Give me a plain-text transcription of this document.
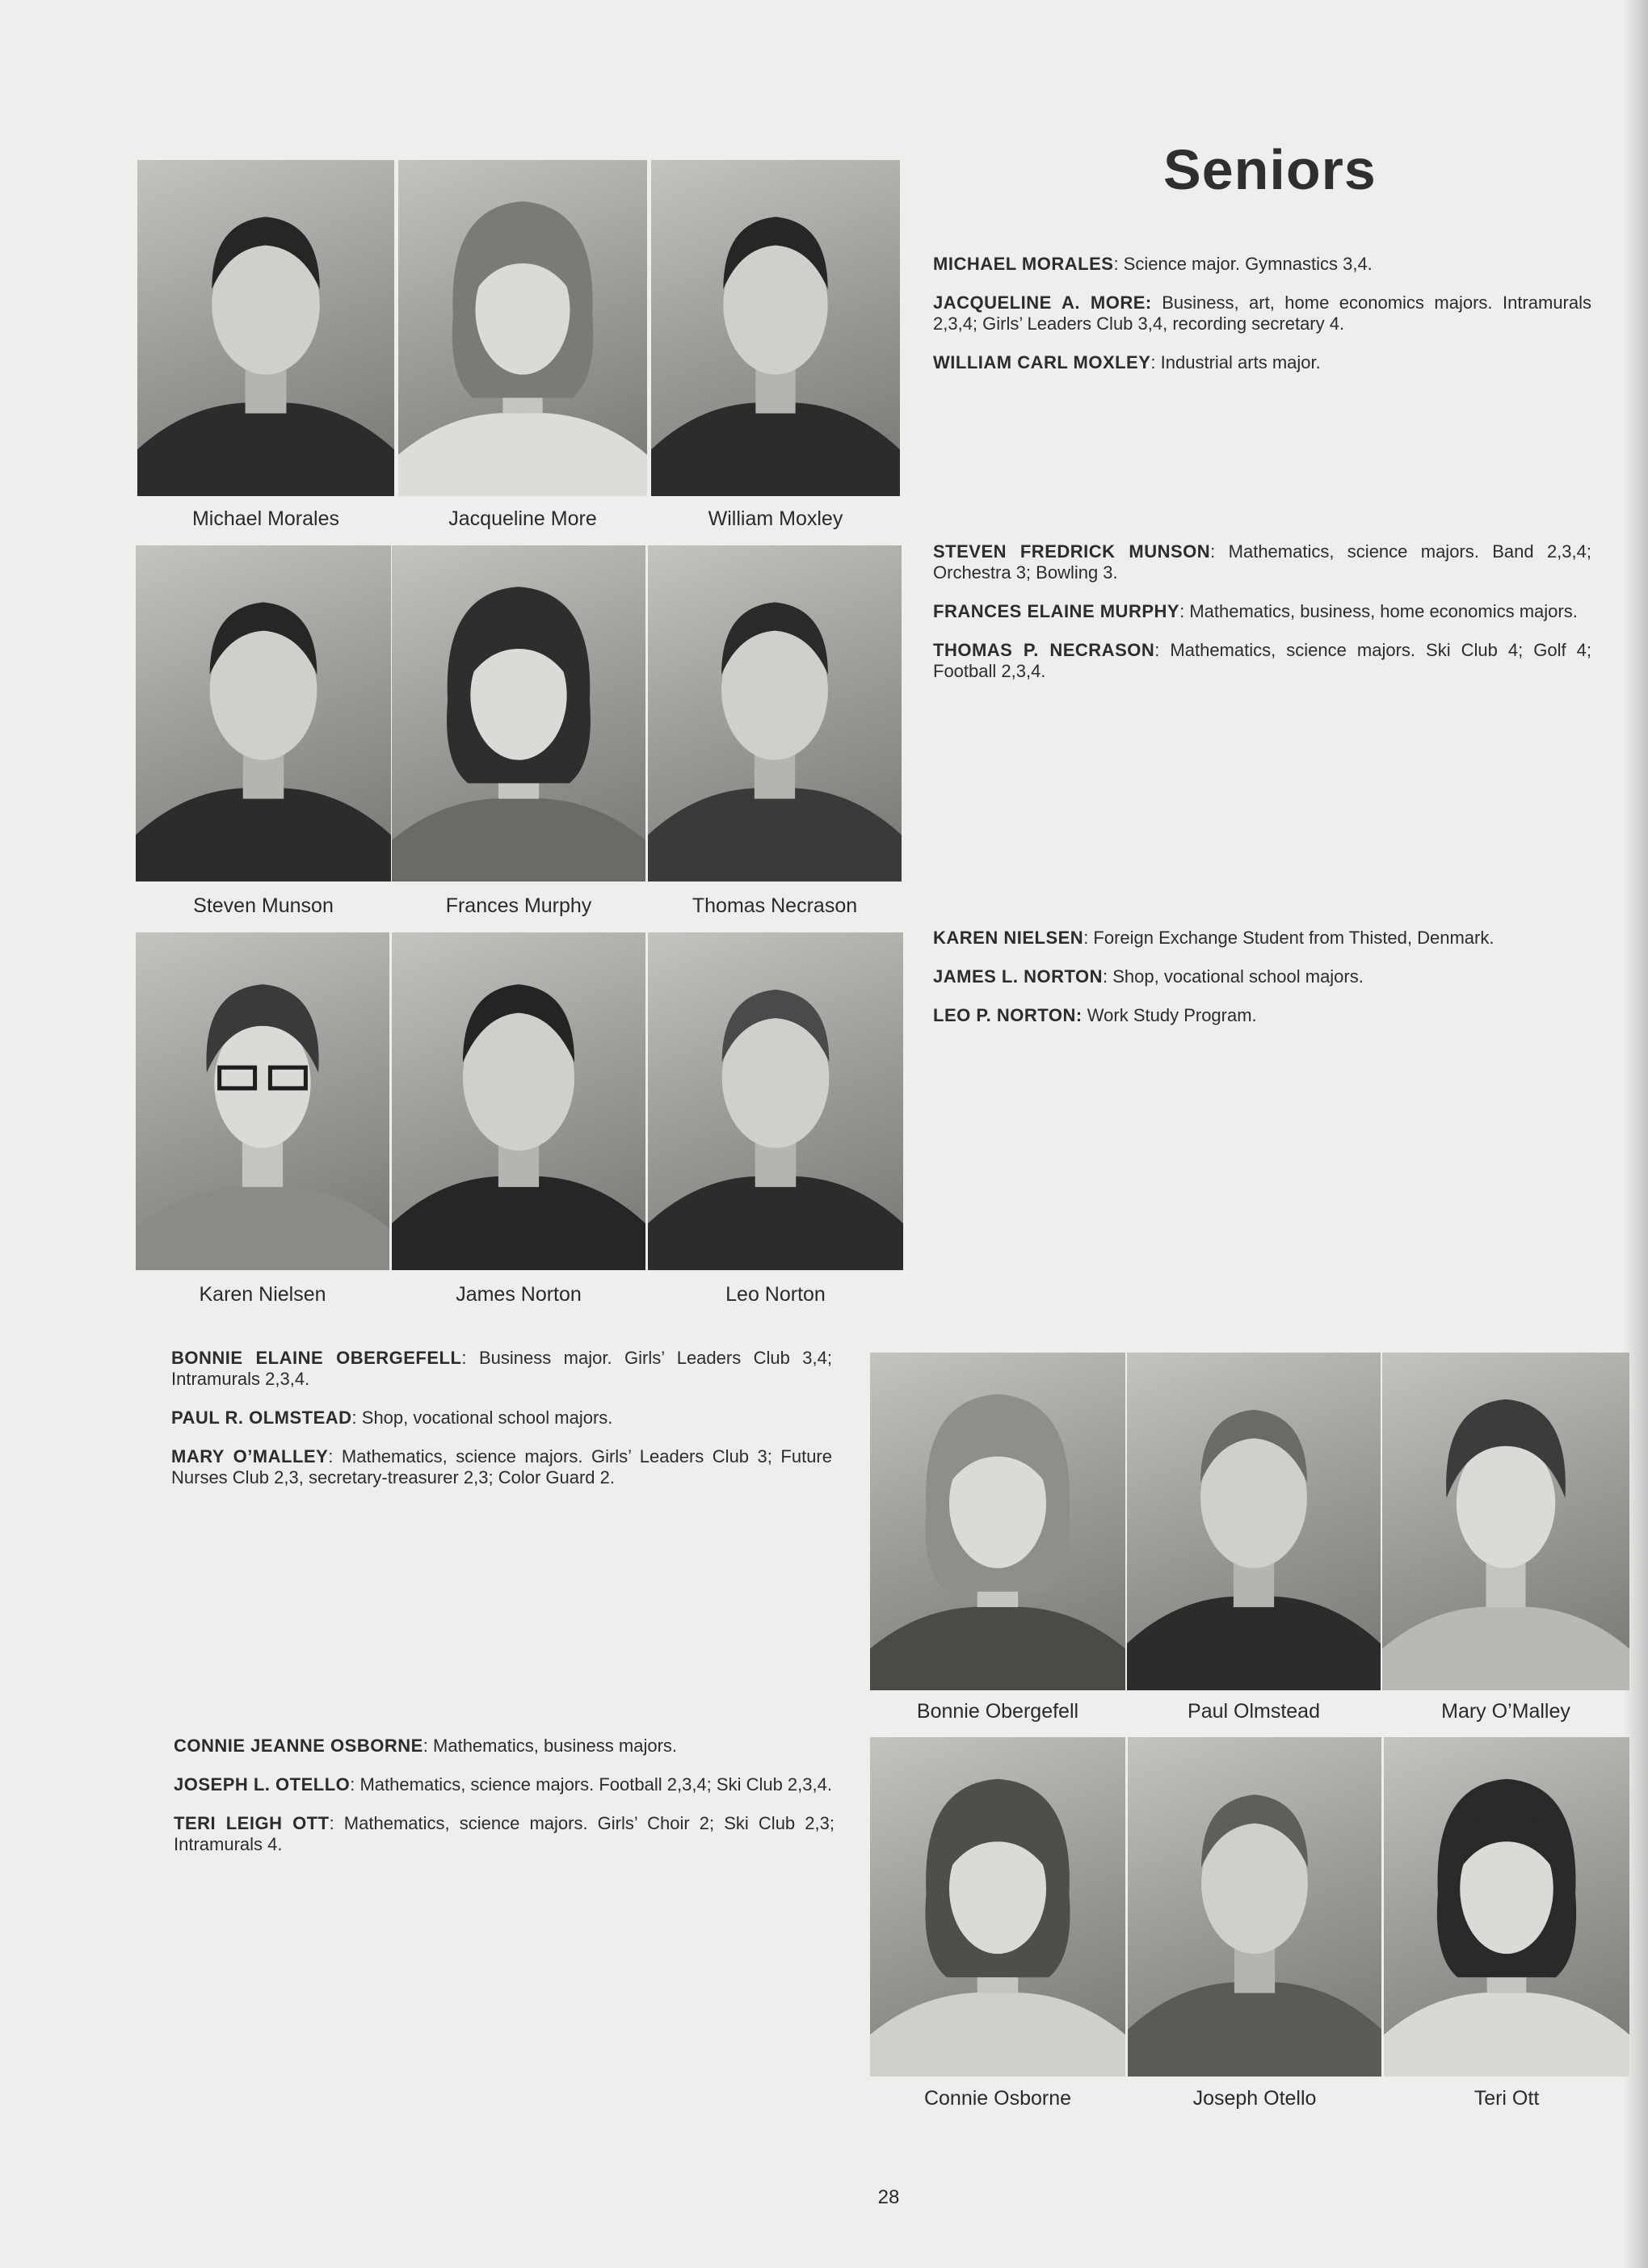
Seniors
Michael Morales	Jacqueline More	William Moxley

MICHAEL MORALES: Science major. Gymnastics 3,4.

JACQUELINE A. MORE: Business, art, home economics majors. Intramurals 2,3,4; Girls’ Leaders Club 3,4, recording secretary 4.

WILLIAM CARL MOXLEY: Industrial arts major.

Steven Munson	Frances Murphy	Thomas Necrason

STEVEN FREDRICK MUNSON: Mathematics, science majors. Band 2,3,4; Orchestra 3; Bowling 3.

FRANCES ELAINE MURPHY: Mathematics, business, home economics majors.

THOMAS P. NECRASON: Mathematics, science majors. Ski Club 4; Golf 4; Football 2,3,4.

Karen Nielsen	James Norton	Leo Norton

KAREN NIELSEN: Foreign Exchange Student from Thisted, Denmark.

JAMES L. NORTON: Shop, vocational school majors.

LEO P. NORTON: Work Study Program.

BONNIE ELAINE OBERGEFELL: Business major. Girls’ Leaders Club 3,4; Intramurals 2,3,4.

PAUL R. OLMSTEAD: Shop, vocational school majors.

MARY O’MALLEY: Mathematics, science majors. Girls’ Leaders Club 3; Future Nurses Club 2,3, secretary-treasurer 2,3; Color Guard 2.

Bonnie Obergefell	Paul Olmstead	Mary O’Malley

CONNIE JEANNE OSBORNE: Mathematics, business majors.

JOSEPH L. OTELLO: Mathematics, science majors. Football 2,3,4; Ski Club 2,3,4.

TERI LEIGH OTT: Mathematics, science majors. Girls’ Choir 2; Ski Club 2,3; Intramurals 4.

Connie Osborne	Joseph Otello	Teri Ott
28
